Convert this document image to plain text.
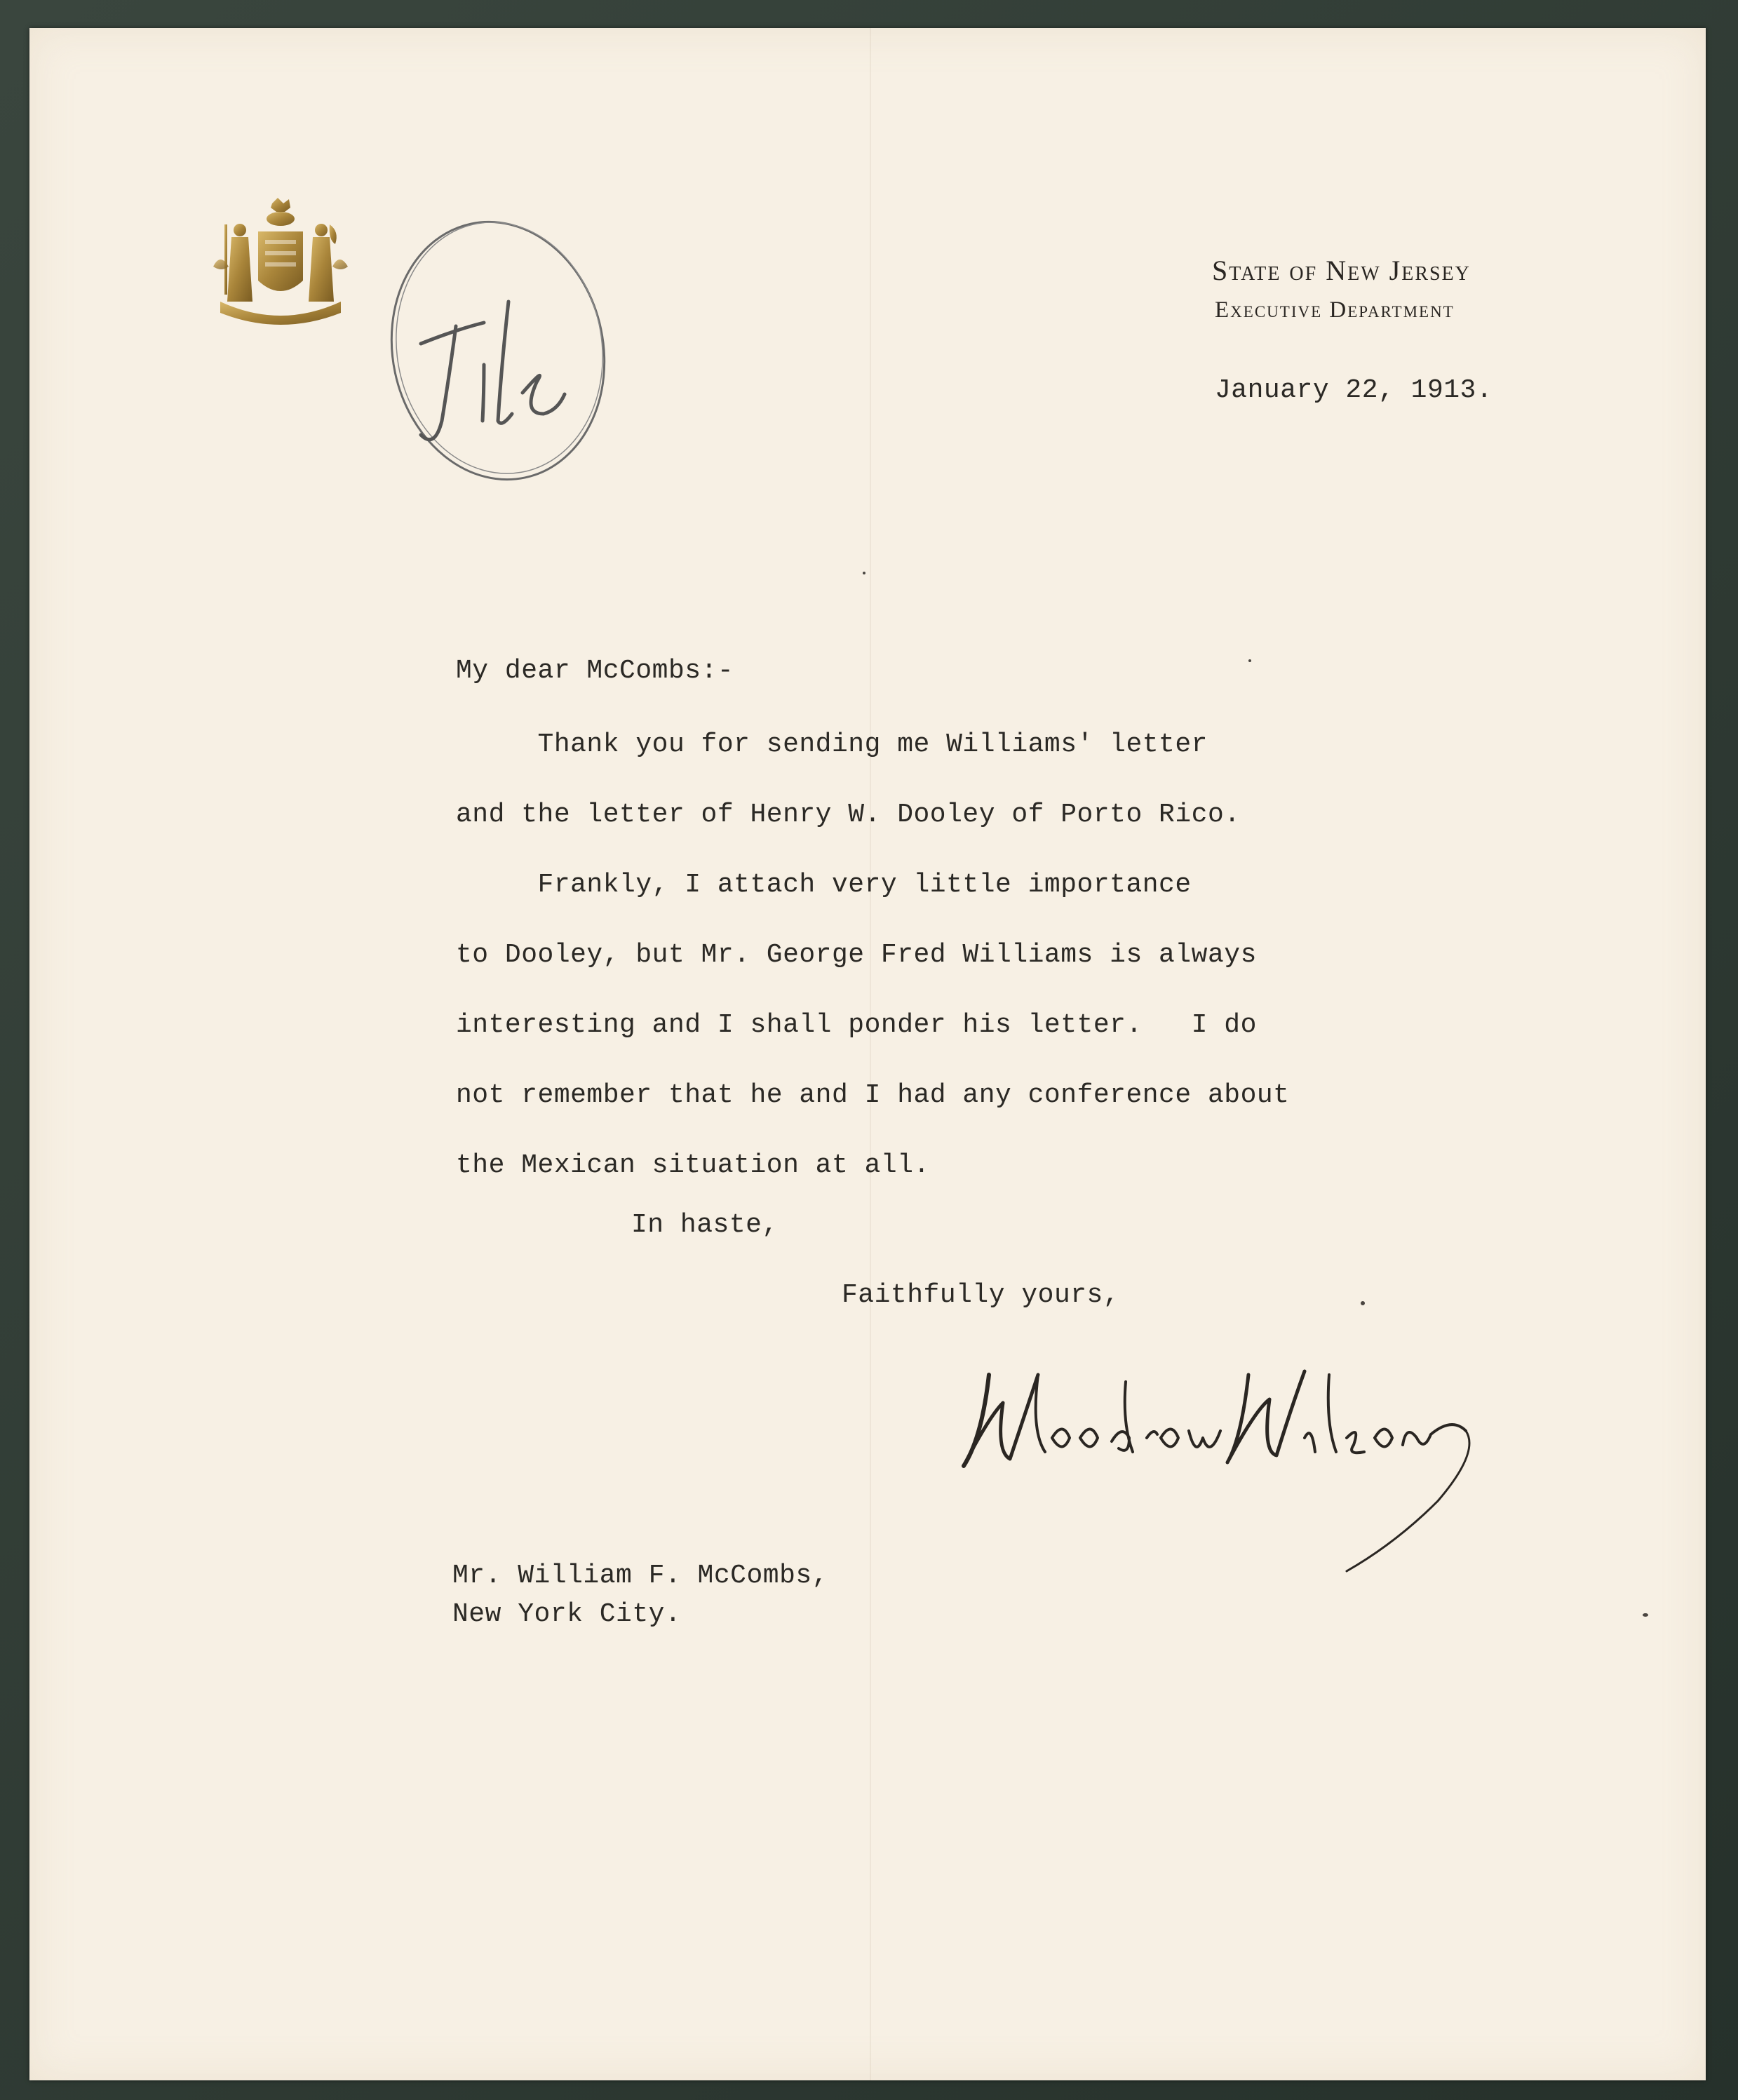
State of New Jersey
Executive Department
January 22, 1913.
My dear McCombs:-
Thank you for sending me Williams' letter
and the letter of Henry W. Dooley of Porto Rico.
Frankly, I attach very little importance
to Dooley, but Mr. George Fred Williams is always
interesting and I shall ponder his letter.   I do
not remember that he and I had any conference about
the Mexican situation at all.
In haste,
Faithfully yours,
Mr. William F. McCombs,
New York City.
